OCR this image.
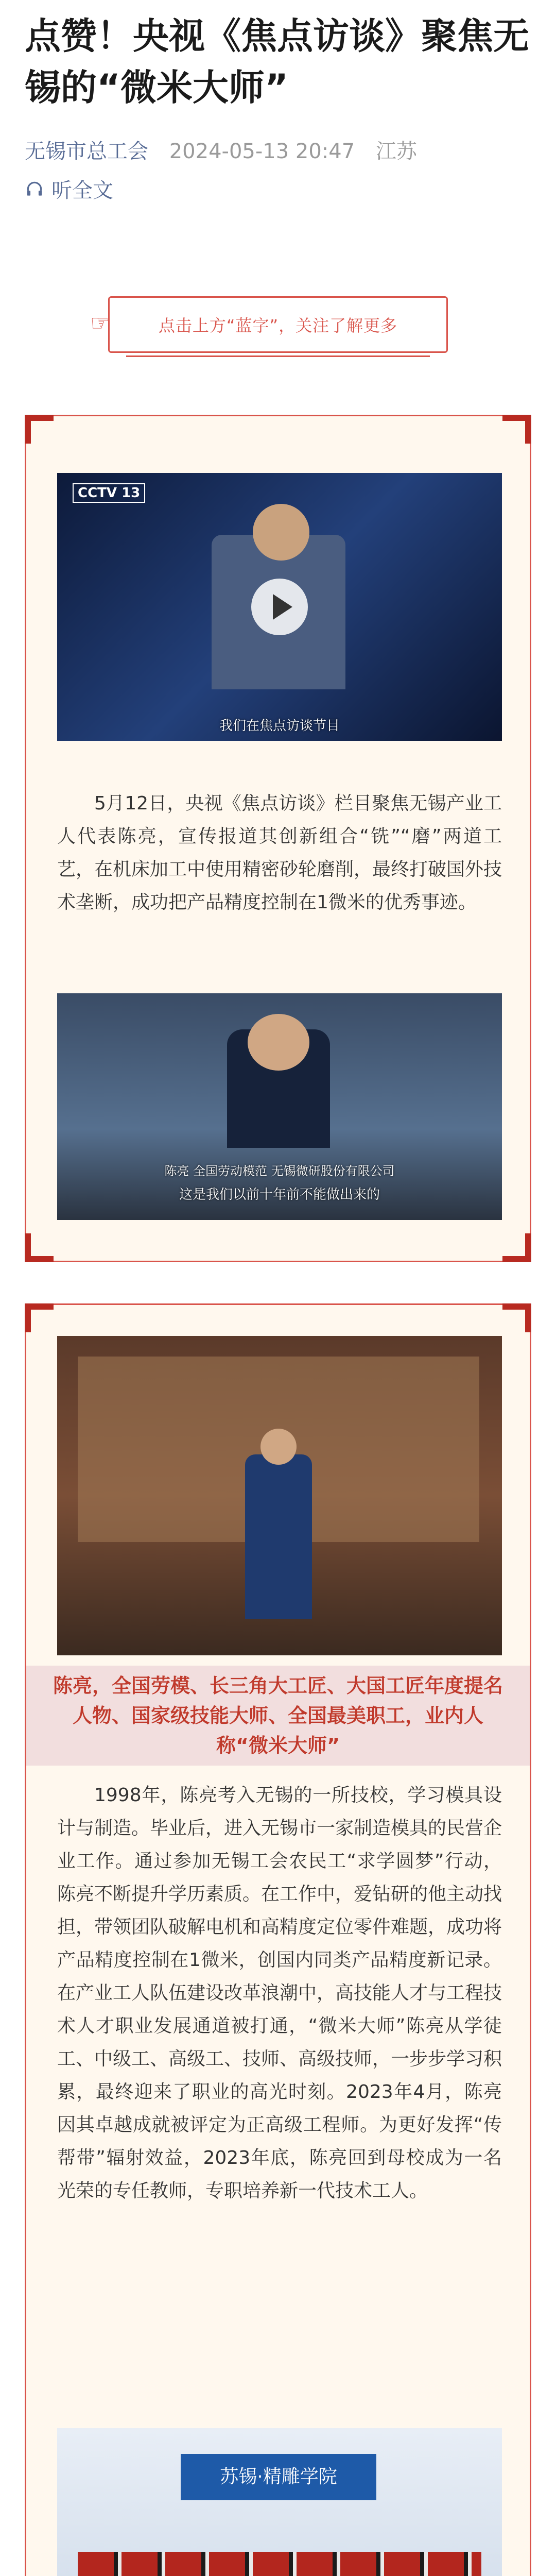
点赞！央视《焦点访谈》聚焦无锡的“微米大师”
无锡市总工会 2024-05-13 20:47 江苏
听全文
☞	点击上方“蓝字”，关注了解更多
CCTV 13
我们在焦点访谈节目
5月12日，央视《焦点访谈》栏目聚焦无锡产业工人代表陈亮，宣传报道其创新组合“铣”“磨”两道工艺，在机床加工中使用精密砂轮磨削，最终打破国外技术垄断，成功把产品精度控制在1微米的优秀事迹。
陈亮 全国劳动模范 无锡微研股份有限公司
这是我们以前十年前不能做出来的
陈亮，全国劳模、长三角大工匠、大国工匠年度提名人物、国家级技能大师、全国最美职工，业内人称“微米大师”
1998年，陈亮考入无锡的一所技校，学习模具设计与制造。毕业后，进入无锡市一家制造模具的民营企业工作。通过参加无锡工会农民工“求学圆梦”行动，陈亮不断提升学历素质。在工作中，爱钻研的他主动找担，带领团队破解电机和高精度定位零件难题，成功将产品精度控制在1微米，创国内同类产品精度新记录。在产业工人队伍建设改革浪潮中，高技能人才与工程技术人才职业发展通道被打通，“微米大师”陈亮从学徒工、中级工、高级工、技师、高级技师，一步步学习积累，最终迎来了职业的高光时刻。2023年4月，陈亮因其卓越成就被评定为正高级工程师。为更好发挥“传帮带”辐射效益，2023年底，陈亮回到母校成为一名光荣的专任教师，专职培养新一代技术工人。
苏锡·精雕学院
